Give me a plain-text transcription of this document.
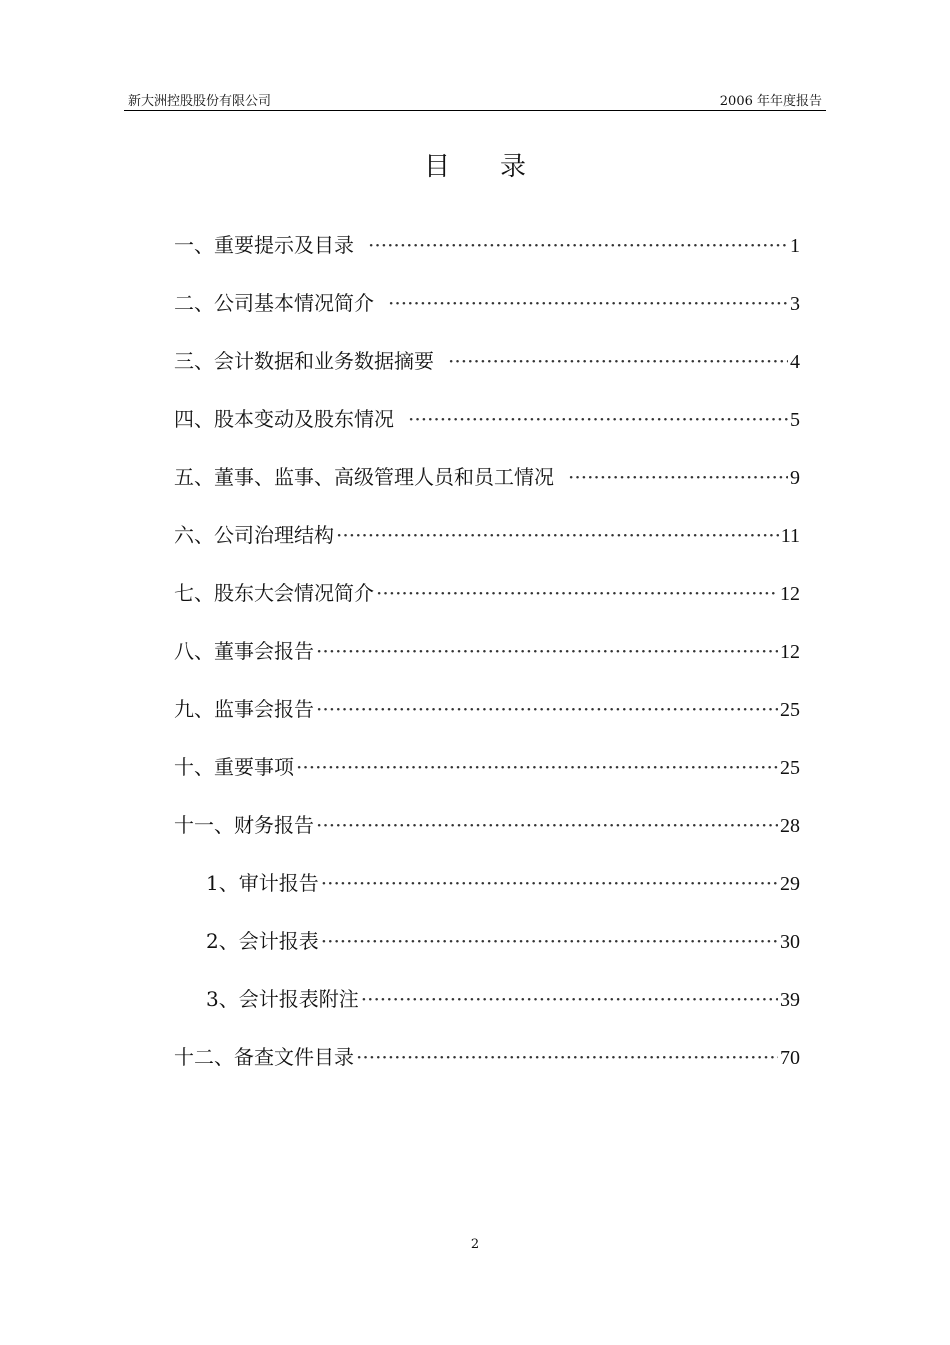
新大洲控股股份有限公司	2006 年年度报告
目录
一、重要提示及目录 ·····	1
二、公司基本情况简介 ·····	3
三、会计数据和业务数据摘要 ·····	4
四、股本变动及股东情况 ·····	5
五、董事、监事、高级管理人员和员工情况 ·····	9
六、公司治理结构 ·····	11
七、股东大会情况简介 ·····	12
八、董事会报告 ·····	12
九、监事会报告 ·····	25
十、重要事项 ·····	25
十一、财务报告 ·····	28
1、审计报告 ·····	29
2、会计报表 ·····	30
3、会计报表附注 ·····	39
十二、备查文件目录 ·····	70
2
